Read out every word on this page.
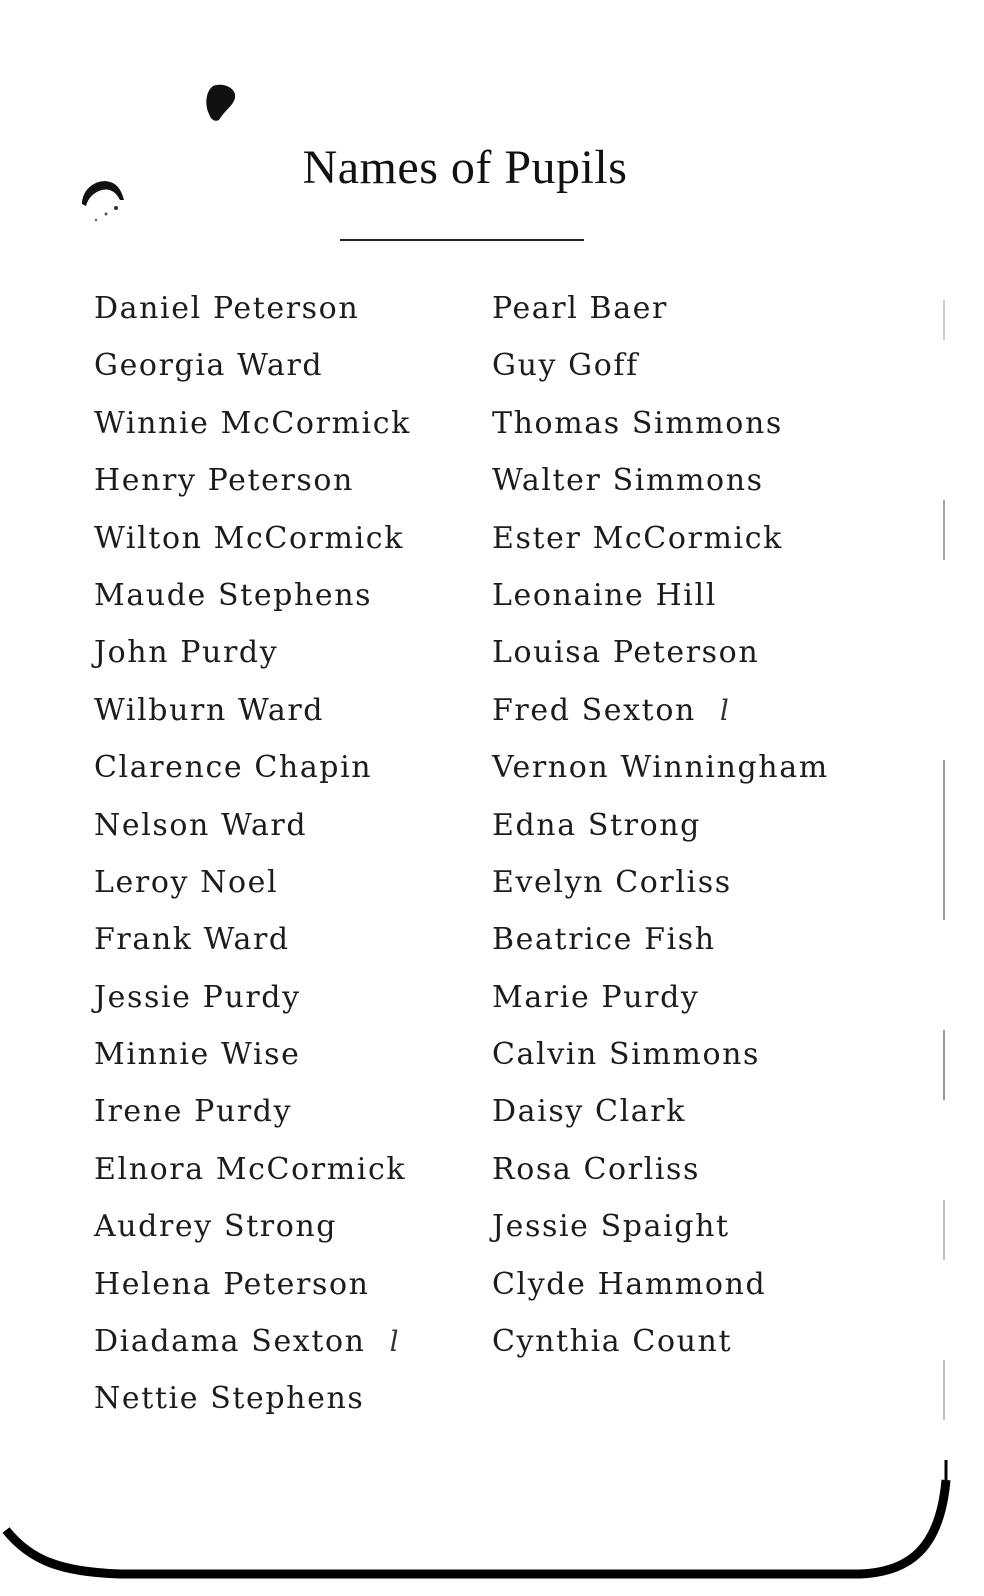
Names of Pupils
Daniel Peterson
Georgia Ward
Winnie McCormick
Henry Peterson
Wilton McCormick
Maude Stephens
John Purdy
Wilburn Ward
Clarence Chapin
Nelson Ward
Leroy Noel
Frank Ward
Jessie Purdy
Minnie Wise
Irene Purdy
Elnora McCormick
Audrey Strong
Helena Peterson
Diadama Sexton l
Nettie Stephens
Pearl Baer
Guy Goff
Thomas Simmons
Walter Simmons
Ester McCormick
Leonaine Hill
Louisa Peterson
Fred Sexton l
Vernon Winningham
Edna Strong
Evelyn Corliss
Beatrice Fish
Marie Purdy
Calvin Simmons
Daisy Clark
Rosa Corliss
Jessie Spaight
Clyde Hammond
Cynthia Count
